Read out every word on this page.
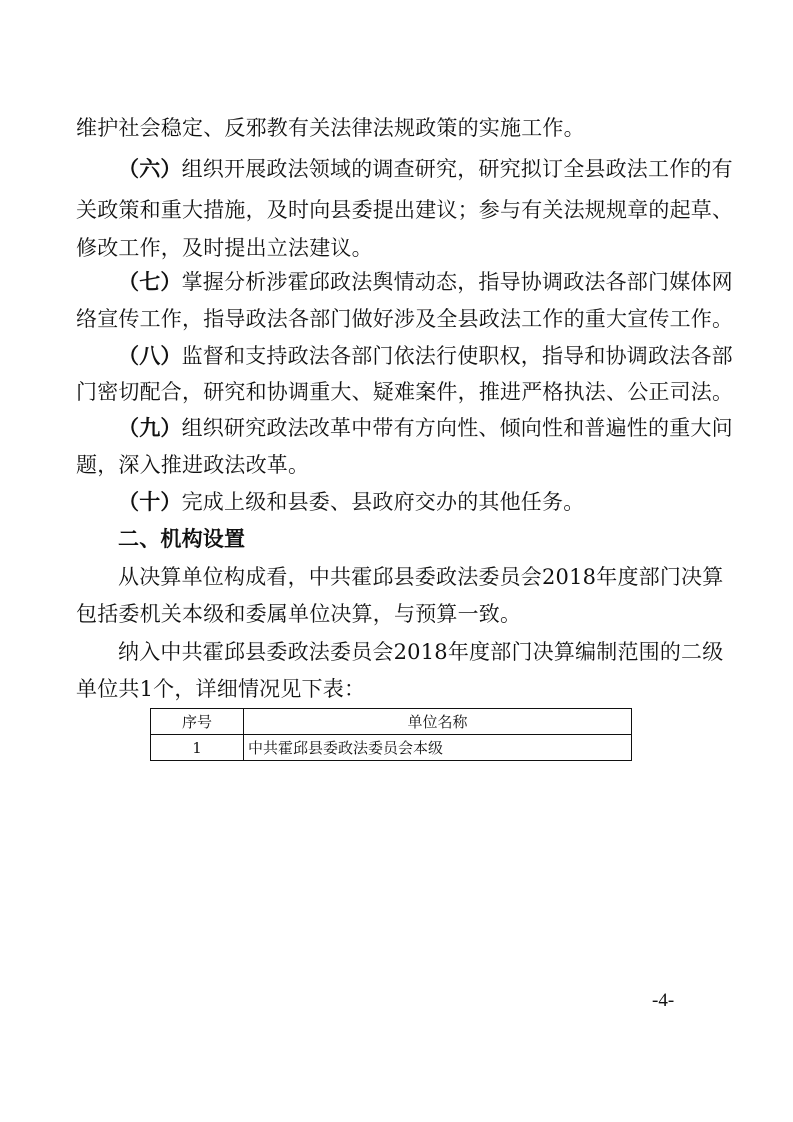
维护社会稳定、反邪教有关法律法规政策的实施工作。
（六）组织开展政法领域的调查研究，研究拟订全县政法工作的有
关政策和重大措施，及时向县委提出建议；参与有关法规规章的起草、
修改工作，及时提出立法建议。
（七）掌握分析涉霍邱政法舆情动态，指导协调政法各部门媒体网
络宣传工作，指导政法各部门做好涉及全县政法工作的重大宣传工作。
（八）监督和支持政法各部门依法行使职权，指导和协调政法各部
门密切配合，研究和协调重大、疑难案件，推进严格执法、公正司法。
（九）组织研究政法改革中带有方向性、倾向性和普遍性的重大问
题，深入推进政法改革。
（十）完成上级和县委、县政府交办的其他任务。
二、机构设置
从决算单位构成看，中共霍邱县委政法委员会2018年度部门决算
包括委机关本级和委属单位决算，与预算一致。
纳入中共霍邱县委政法委员会2018年度部门决算编制范围的二级
单位共1个，详细情况见下表：
序号	单位名称
1	中共霍邱县委政法委员会本级
-4-
